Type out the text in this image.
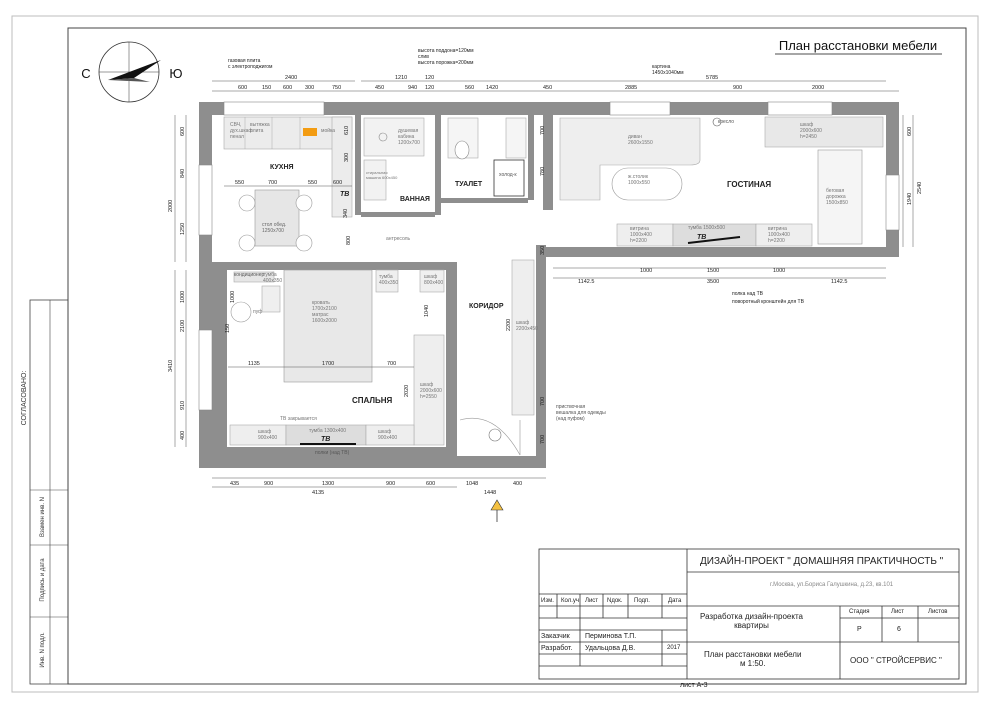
СОГЛАСОВАНО:
Взамен инв. N
Подпись и дата
Инв. N подл.
План расстановки мебели
С	Ю
КУХНЯ
ВАННАЯ
ТУАЛЕТ	ГОСТИНАЯ
СПАЛЬНЯ
КОРИДОР
ТВ
ТВ
ТВ
СВЧ,
дух.шкаф
пенал
вытяжка
плита	мойка	душевая
кабина
1200х700
холод-к
стол обед.
1250х700
диван
2600х1550
ж.столик
1000х550
шкаф
2000х600
h=2450
беговая
дорожка
1500х850
витрина
1000х400
h=2200
тумба 1500х500	витрина
1000х400
h=2200
кондиционер
кровать
1700х2100
матрас
1600х2000
пуф
тумба
400х350
тумба
400х350
шкаф
800х400
шкаф
2000х600
h=2550
шкаф
900х400
тумба 1300х400	шкаф
900х400
полки (над ТВ)
шкаф
2200х450
антресоль
ТВ закрывается
приствочная
вешалка для одежды
(над пуфом)
стиральная
машина 600х450
газовая плита
с электроподжигом
высота поддона=120мм
слив
высота порожка=200мм
картина
1450х1040мм
полка над ТВ
поворотный кронштейн для ТВ
кресло
600	150 600 300	750	450	940 120	560 1420	450	2885	900	2000
2400	1210	120	5785
1000	1500	1000
1142.5	3500	1142.5
550	700	550	600
1135	1700	700
435	900	1300	900	600	1048	400
4135	1448
600
840
2000
1250
1000
2100
3410
910
400
600
2540
1940
610
300
340
800
150
1000
1040
2020
700
700
2200
350
780
700
лист А-3
ДИЗАЙН-ПРОЕКТ " ДОМАШНЯЯ ПРАКТИЧНОСТЬ "
г.Москва, ул.Бориса Галушкина, д.23, кв.101
Изм. Кол.уч Лист Nдок. Подп.	Дата
Заказчик Перминова Т.П.
Разработ. Удальцова Д.В.	2017
Разработка дизайн-проекта
квартиры
Стадия	Лист	Листов
Р	6
План расстановки мебели
м 1:50.	ООО " СТРОЙСЕРВИС "
